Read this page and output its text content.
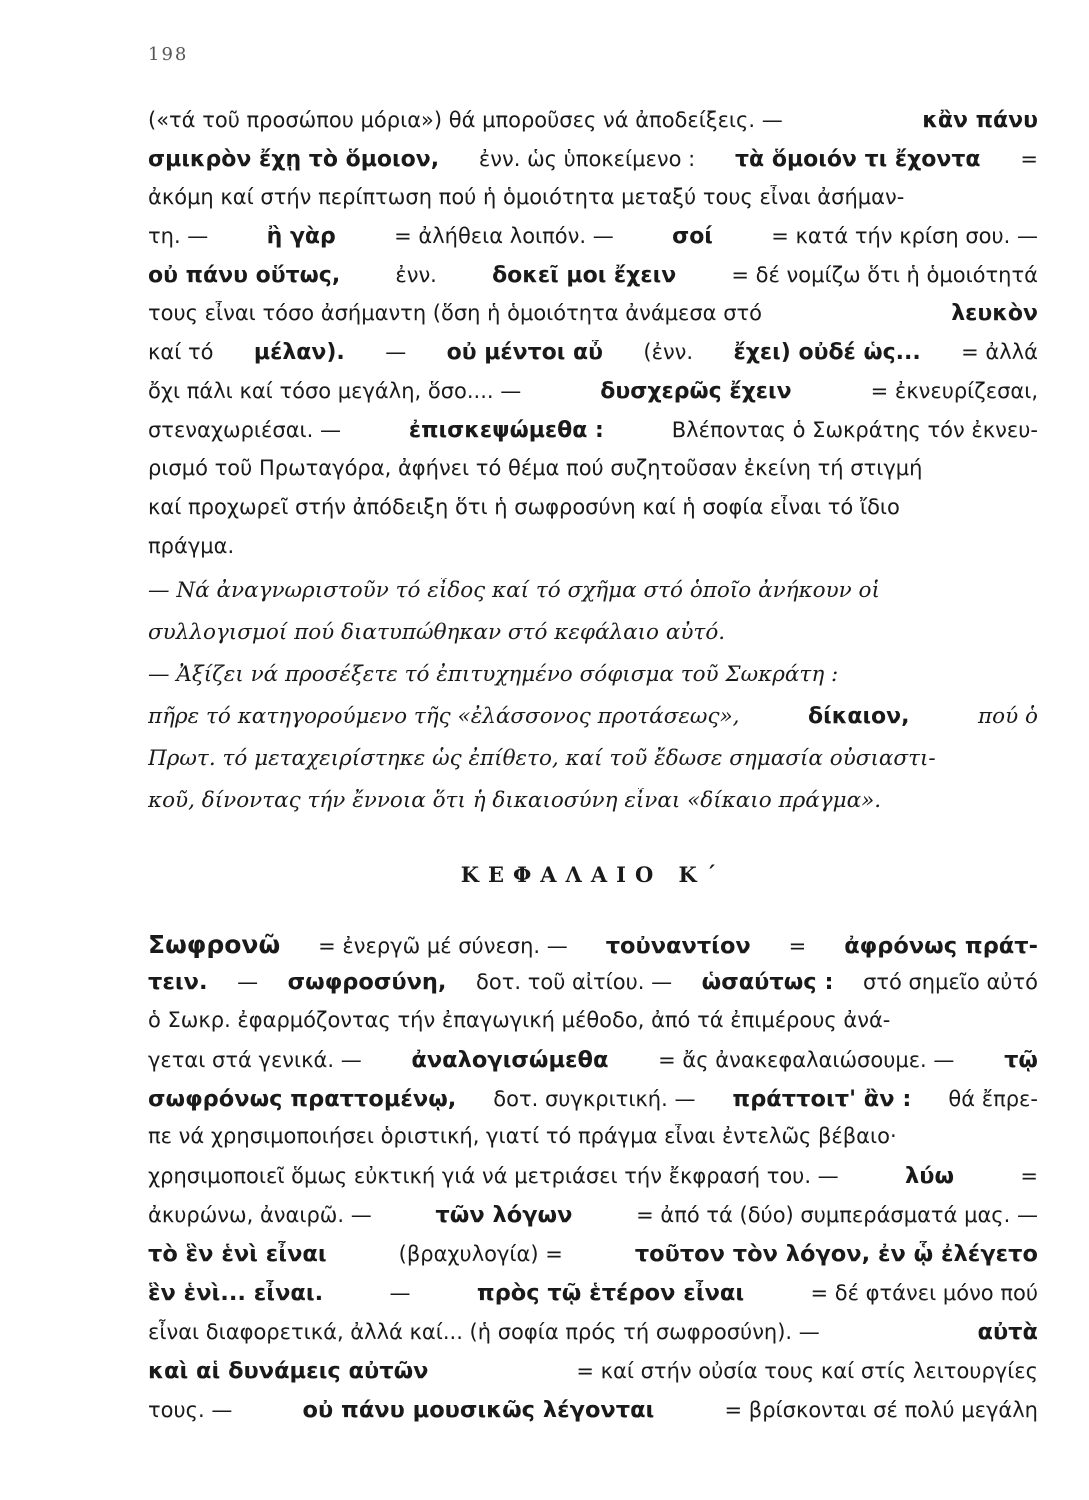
198
(«τά τοῦ προσώπου μόρια») θά μποροῦσες νά ἀποδείξεις. —	κἂν πάνυ
σμικρὸν ἔχῃ τὸ ὅμοιον, ἐνν. ὡς ὑποκείμενο : τὰ ὅμοιόν τι ἔχοντα =
ἀκόμη καί στήν περίπτωση πού ἡ ὁμοιότητα μεταξύ τους εἶναι ἀσήμαν-
τη. —	ἢ γὰρ	= ἀλήθεια λοιπόν. —	σοί	= κατά τήν κρίση σου. —
οὐ πάνυ οὕτως,	ἐνν.	δοκεῖ μοι ἔχειν	= δέ νομίζω ὅτι ἡ ὁμοιότητά
τους εἶναι τόσο ἀσήμαντη (ὅση ἡ ὁμοιότητα ἀνάμεσα στό	λευκὸν
καί τό μέλαν). — οὐ μέντοι αὖ (ἐνν. ἔχει) οὐδέ ὡς... = ἀλλά
ὄχι πάλι καί τόσο μεγάλη, ὅσο.... —	δυσχερῶς ἔχειν	= ἐκνευρίζεσαι,
στεναχωριέσαι. —	ἐπισκεψώμεθα :	Βλέποντας ὁ Σωκράτης τόν ἐκνευ-
ρισμό τοῦ Πρωταγόρα, ἀφήνει τό θέμα πού συζητοῦσαν ἐκείνη τή στιγμή
καί προχωρεῖ στήν ἀπόδειξη ὅτι ἡ σωφροσύνη καί ἡ σοφία εἶναι τό ἴδιο
πράγμα.
— Νά ἀναγνωριστοῦν τό εἶδος καί τό σχῆμα στό ὁποῖο ἀνήκουν οἱ
συλλογισμοί πού διατυπώθηκαν στό κεφάλαιο αὐτό.
— Ἀξίζει νά προσέξετε τό ἐπιτυχημένο σόφισμα τοῦ Σωκράτη :
πῆρε τό κατηγορούμενο τῆς «ἐλάσσονος προτάσεως»,	δίκαιον,	πού ὁ
Πρωτ. τό μεταχειρίστηκε ὡς ἐπίθετο, καί τοῦ ἔδωσε σημασία οὐσιαστι-
κοῦ, δίνοντας τήν ἔννοια ὅτι ἡ δικαιοσύνη εἶναι «δίκαιο πράγμα».
ΚΕΦΑΛΑΙΟ Κ΄
Σωφρονῶ = ἐνεργῶ μέ σύνεση. — τοὐναντίον = ἀφρόνως πράτ-
τειν. — σωφροσύνη, δοτ. τοῦ αἰτίου. — ὡσαύτως : στό σημεῖο αὐτό
ὁ Σωκρ. ἐφαρμόζοντας τήν ἐπαγωγική μέθοδο, ἀπό τά ἐπιμέρους ἀνά-
γεται στά γενικά. — ἀναλογισώμεθα = ἄς ἀνακεφαλαιώσουμε. — τῷ
σωφρόνως πραττομένῳ, δοτ. συγκριτική. — πράττοιτ' ἂν : θά ἔπρε-
πε νά χρησιμοποιήσει ὁριστική, γιατί τό πράγμα εἶναι ἐντελῶς βέβαιο·
χρησιμοποιεῖ ὅμως εὐκτική γιά νά μετριάσει τήν ἔκφρασή του. —	λύω	=
ἀκυρώνω, ἀναιρῶ. —	τῶν λόγων	= ἀπό τά (δύο) συμπεράσματά μας. —
τὸ ἓν ἑνὶ εἶναι	(βραχυλογία) =	τοῦτον τὸν λόγον, ἐν ᾧ ἐλέγετο
ἓν ἑνὶ... εἶναι.	—	πρὸς τῷ ἑτέρον εἶναι	= δέ φτάνει μόνο πού
εἶναι διαφορετικά, ἀλλά καί... (ἡ σοφία πρός τή σωφροσύνη). —	αὐτὰ
καὶ αἱ δυνάμεις αὐτῶν	= καί στήν οὐσία τους καί στίς λειτουργίες
τους. —	οὐ πάνυ μουσικῶς λέγονται	= βρίσκονται σέ πολύ μεγάλη
